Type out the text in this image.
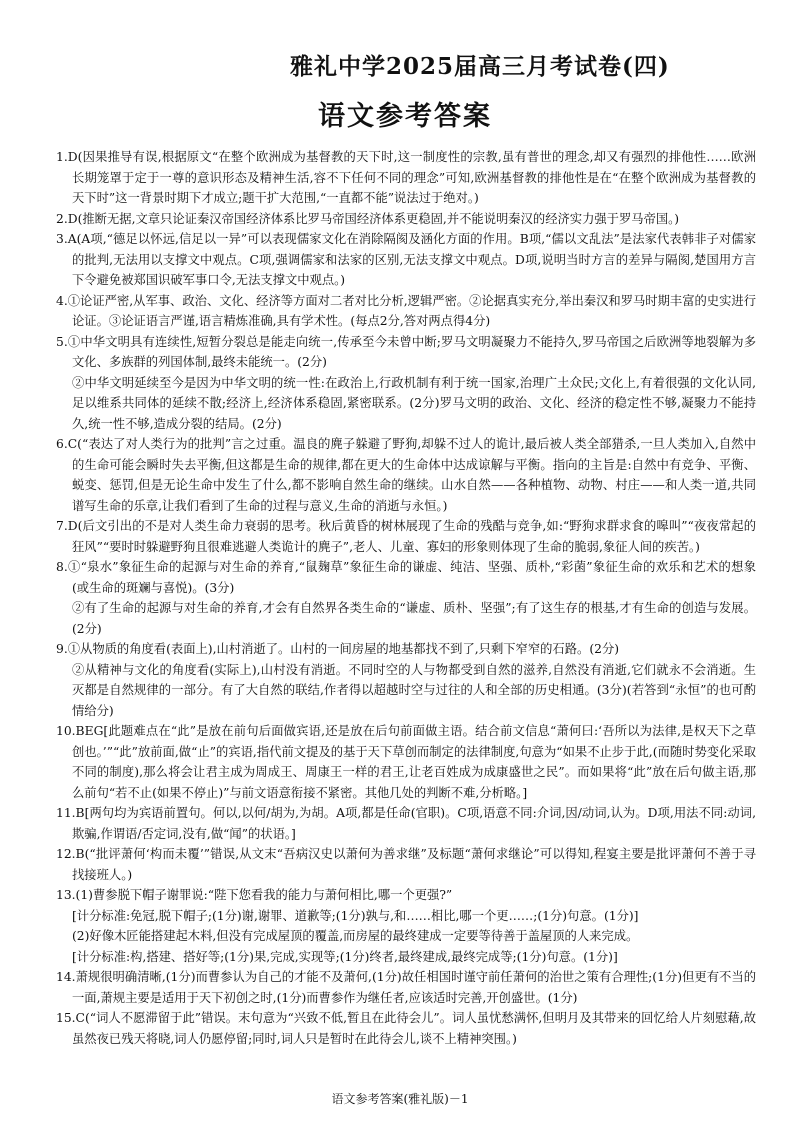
雅礼中学2025届高三月考试卷(四)
语文参考答案
1.D(因果推导有误,根据原文“在整个欧洲成为基督教的天下时,这一制度性的宗教,虽有普世的理念,却又有强烈的排他性……欧洲长期笼罩于定于一尊的意识形态及精神生活,容不下任何不同的理念”可知,欧洲基督教的排他性是在“在整个欧洲成为基督教的天下时”这一背景时期下才成立;题干扩大范围,“一直都不能”说法过于绝对。)
2.D(推断无据,文章只论证秦汉帝国经济体系比罗马帝国经济体系更稳固,并不能说明秦汉的经济实力强于罗马帝国。)
3.A(A项,“德足以怀远,信足以一异”可以表现儒家文化在消除隔阂及涵化方面的作用。B项,“儒以文乱法”是法家代表韩非子对儒家的批判,无法用以支撑文中观点。C项,强调儒家和法家的区别,无法支撑文中观点。D项,说明当时方言的差异与隔阂,楚国用方言下令避免被郑国识破军事口令,无法支撑文中观点。)
4.①论证严密,从军事、政治、文化、经济等方面对二者对比分析,逻辑严密。②论据真实充分,举出秦汉和罗马时期丰富的史实进行论证。③论证语言严谨,语言精炼准确,具有学术性。(每点2分,答对两点得4分)
5.①中华文明具有连续性,短暂分裂总是能走向统一,传承至今未曾中断;罗马文明凝聚力不能持久,罗马帝国之后欧洲等地裂解为多文化、多族群的列国体制,最终未能统一。(2分)
②中华文明延续至今是因为中华文明的统一性:在政治上,行政机制有利于统一国家,治理广土众民;文化上,有着很强的文化认同,足以维系共同体的延续不散;经济上,经济体系稳固,紧密联系。(2分)罗马文明的政治、文化、经济的稳定性不够,凝聚力不能持久,统一性不够,造成分裂的结局。(2分)
6.C(“表达了对人类行为的批判”言之过重。温良的麂子躲避了野狗,却躲不过人的诡计,最后被人类全部猎杀,一旦人类加入,自然中的生命可能会瞬时失去平衡,但这都是生命的规律,都在更大的生命体中达成谅解与平衡。指向的主旨是:自然中有竞争、平衡、蜕变、惩罚,但是无论生命中发生了什么,都不影响自然生命的继续。山水自然——各种植物、动物、村庄——和人类一道,共同谱写生命的乐章,让我们看到了生命的过程与意义,生命的消逝与永恒。)
7.D(后文引出的不是对人类生命力衰弱的思考。秋后黄昏的树林展现了生命的残酷与竞争,如:“野狗求群求食的嗥叫”“夜夜常起的狂风”“要时时躲避野狗且很难逃避人类诡计的麂子”,老人、儿童、寡妇的形象则体现了生命的脆弱,象征人间的疾苦。)
8.①“泉水”象征生命的起源与对生命的养育,“鼠麹草”象征生命的谦虚、纯洁、坚强、质朴,“彩菌”象征生命的欢乐和艺术的想象(或生命的斑斓与喜悦)。(3分)
②有了生命的起源与对生命的养育,才会有自然界各类生命的“谦虚、质朴、坚强”;有了这生存的根基,才有生命的创造与发展。(2分)
9.①从物质的角度看(表面上),山村消逝了。山村的一间房屋的地基都找不到了,只剩下窄窄的石路。(2分)
②从精神与文化的角度看(实际上),山村没有消逝。不同时空的人与物都受到自然的滋养,自然没有消逝,它们就永不会消逝。生灭都是自然规律的一部分。有了大自然的联结,作者得以超越时空与过往的人和全部的历史相通。(3分)(若答到“永恒”的也可酌情给分)
10.BEG[此题难点在“此”是放在前句后面做宾语,还是放在后句前面做主语。结合前文信息“萧何曰:‘吾所以为法律,是权天下之草创也。’”“此”放前面,做“止”的宾语,指代前文提及的基于天下草创而制定的法律制度,句意为“如果不止步于此,(而随时势变化采取不同的制度),那么将会让君主成为周成王、周康王一样的君王,让老百姓成为成康盛世之民”。而如果将“此”放在后句做主语,那么前句“若不止(如果不停止)”与前文语意衔接不紧密。其他几处的判断不难,分析略。]
11.B[两句均为宾语前置句。何以,以何/胡为,为胡。A项,都是任命(官职)。C项,语意不同:介词,因/动词,认为。D项,用法不同:动词,欺骗,作谓语/否定词,没有,做“闻”的状语。]
12.B(“批评萧何‘构而未覆’”错误,从文末“吾病汉史以萧何为善求继”及标题“萧何求继论”可以得知,程宴主要是批评萧何不善于寻找接班人。)
13.(1)曹参脱下帽子谢罪说:“陛下您看我的能力与萧何相比,哪一个更强?”
[计分标准:免冠,脱下帽子;(1分)谢,谢罪、道歉等;(1分)孰与,和……相比,哪一个更……;(1分)句意。(1分)]
(2)好像木匠能搭建起木料,但没有完成屋顶的覆盖,而房屋的最终建成一定要等待善于盖屋顶的人来完成。
[计分标准:构,搭建、搭好等;(1分)果,完成,实现等;(1分)终者,最终建成,最终完成等;(1分)句意。(1分)]
14.萧规很明确清晰,(1分)而曹参认为自己的才能不及萧何,(1分)故任相国时谨守前任萧何的治世之策有合理性;(1分)但更有不当的一面,萧规主要是适用于天下初创之时,(1分)而曹参作为继任者,应该适时完善,开创盛世。(1分)
15.C(“词人不愿滞留于此”错误。末句意为“兴致不低,暂且在此待会儿”。词人虽忧愁满怀,但明月及其带来的回忆给人片刻慰藉,故虽然夜已残天将晓,词人仍愿停留;同时,词人只是暂时在此待会儿,谈不上精神突围。)
语文参考答案(雅礼版)－1
